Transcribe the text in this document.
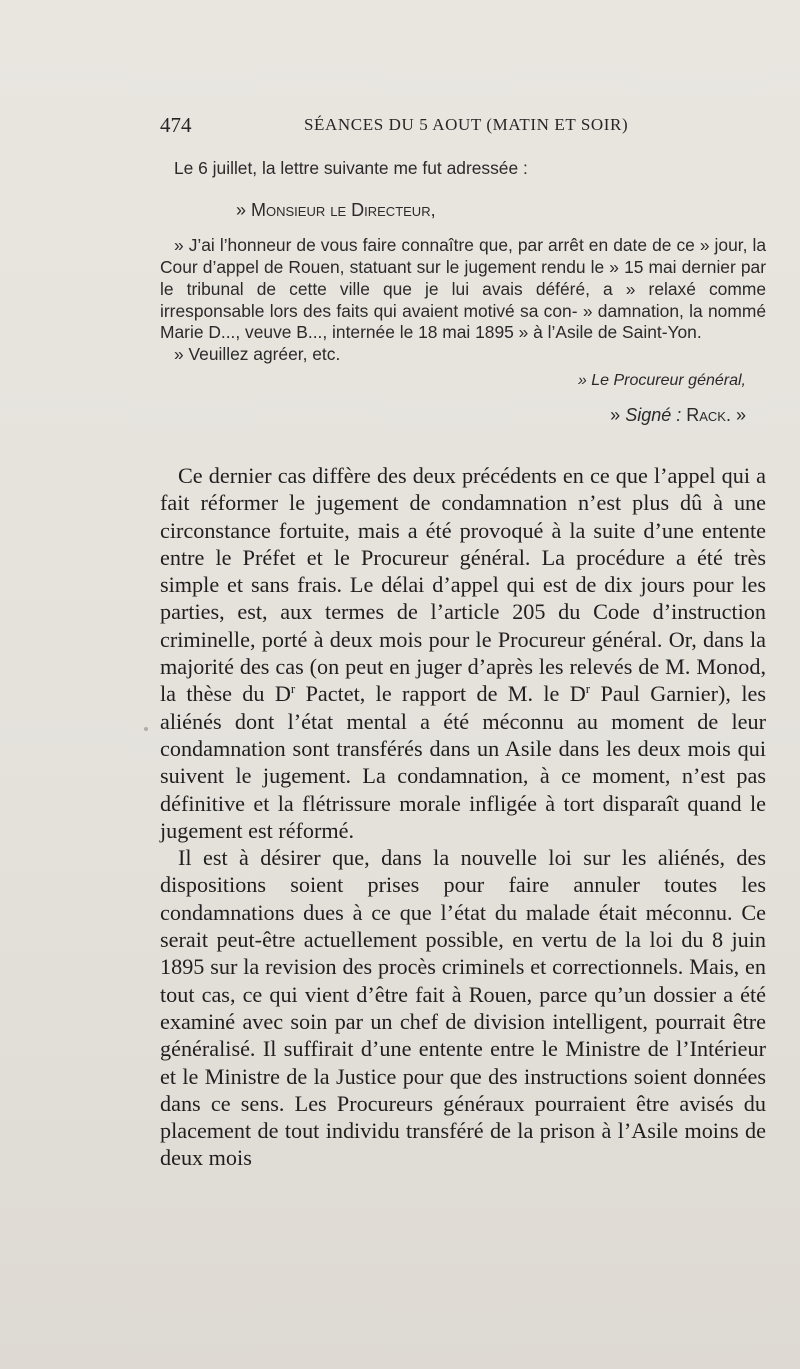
474	SÉANCES DU 5 AOUT (MATIN ET SOIR)

Le 6 juillet, la lettre suivante me fut adressée :

» Monsieur le Directeur,

» J’ai l’honneur de vous faire connaître que, par arrêt en date de ce » jour, la Cour d’appel de Rouen, statuant sur le jugement rendu le » 15 mai dernier par le tribunal de cette ville que je lui avais déféré, a » relaxé comme irresponsable lors des faits qui avaient motivé sa con- » damnation, la nommé Marie D..., veuve B..., internée le 18 mai 1895 » à l’Asile de Saint-Yon.

» Veuillez agréer, etc.

» Le Procureur général,

» Signé : Rack. »

Ce dernier cas diffère des deux précédents en ce que l’appel qui a fait réformer le jugement de condamnation n’est plus dû à une circonstance fortuite, mais a été provoqué à la suite d’une entente entre le Préfet et le Procureur général. La procédure a été très simple et sans frais. Le délai d’appel qui est de dix jours pour les parties, est, aux termes de l’article 205 du Code d’instruction criminelle, porté à deux mois pour le Procureur général. Or, dans la majorité des cas (on peut en juger d’après les relevés de M. Monod, la thèse du $D^r$ Pactet, le rapport de M. le $D^r$ Paul Garnier), les aliénés dont l’état mental a été méconnu au moment de leur condamnation sont transférés dans un Asile dans les deux mois qui suivent le jugement. La condamnation, à ce moment, n’est pas définitive et la flétrissure morale infligée à tort disparaît quand le jugement est réformé.

Il est à désirer que, dans la nouvelle loi sur les aliénés, des dispositions soient prises pour faire annuler toutes les condamnations dues à ce que l’état du malade était méconnu. Ce serait peut-être actuellement possible, en vertu de la loi du 8 juin 1895 sur la revision des procès criminels et correctionnels. Mais, en tout cas, ce qui vient d’être fait à Rouen, parce qu’un dossier a été examiné avec soin par un chef de division intelligent, pourrait être généralisé. Il suffirait d’une entente entre le Ministre de l’Intérieur et le Ministre de la Justice pour que des instructions soient données dans ce sens. Les Procureurs généraux pourraient être avisés du placement de tout individu transféré de la prison à l’Asile moins de deux mois
